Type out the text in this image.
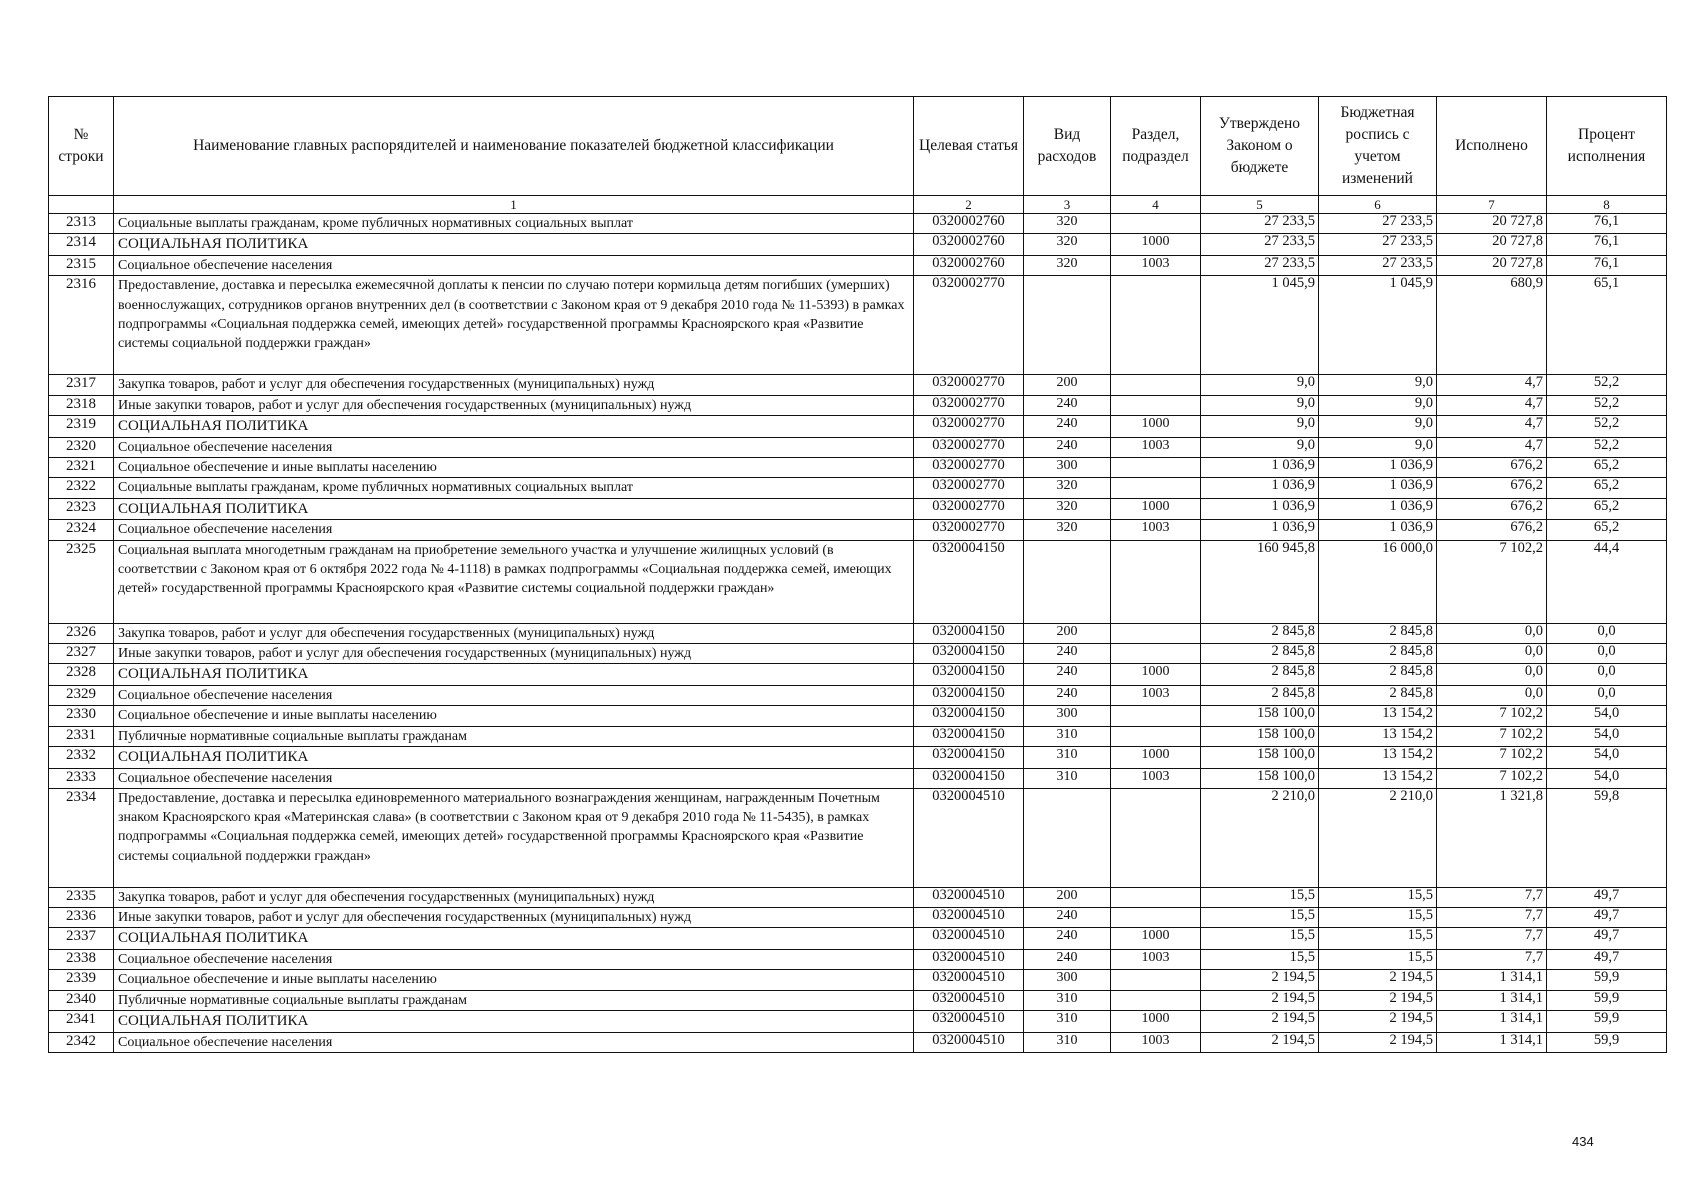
№ строки	Наименование главных распорядителей и наименование показателей бюджетной классификации	Целевая статья	Вид расходов	Раздел, подраздел	Утверждено Законом о бюджете	Бюджетная роспись с учетом изменений	Исполнено	Процент исполнения
	1	2	3	4	5	6	7	8
2313	Социальные выплаты гражданам, кроме публичных нормативных социальных выплат	0320002760	320		27 233,5	27 233,5	20 727,8	76,1
2314	СОЦИАЛЬНАЯ ПОЛИТИКА	0320002760	320	1000	27 233,5	27 233,5	20 727,8	76,1
2315	Социальное обеспечение населения	0320002760	320	1003	27 233,5	27 233,5	20 727,8	76,1
2316	Предоставление, доставка и пересылка ежемесячной доплаты к пенсии по случаю потери кормильца детям погибших (умерших) военнослужащих, сотрудников органов внутренних дел (в соответствии с Законом края от 9 декабря 2010 года № 11-5393) в рамках подпрограммы «Социальная поддержка семей, имеющих детей» государственной программы Красноярского края «Развитие системы социальной поддержки граждан»	0320002770			1 045,9	1 045,9	680,9	65,1
2317	Закупка товаров, работ и услуг для обеспечения государственных (муниципальных) нужд	0320002770	200		9,0	9,0	4,7	52,2
2318	Иные закупки товаров, работ и услуг для обеспечения государственных (муниципальных) нужд	0320002770	240		9,0	9,0	4,7	52,2
2319	СОЦИАЛЬНАЯ ПОЛИТИКА	0320002770	240	1000	9,0	9,0	4,7	52,2
2320	Социальное обеспечение населения	0320002770	240	1003	9,0	9,0	4,7	52,2
2321	Социальное обеспечение и иные выплаты населению	0320002770	300		1 036,9	1 036,9	676,2	65,2
2322	Социальные выплаты гражданам, кроме публичных нормативных социальных выплат	0320002770	320		1 036,9	1 036,9	676,2	65,2
2323	СОЦИАЛЬНАЯ ПОЛИТИКА	0320002770	320	1000	1 036,9	1 036,9	676,2	65,2
2324	Социальное обеспечение населения	0320002770	320	1003	1 036,9	1 036,9	676,2	65,2
2325	Социальная выплата многодетным гражданам на приобретение земельного участка и улучшение жилищных условий (в соответствии с Законом края от 6 октября 2022 года № 4-1118) в рамках подпрограммы «Социальная поддержка семей, имеющих детей» государственной программы Красноярского края «Развитие системы социальной поддержки граждан»	0320004150			160 945,8	16 000,0	7 102,2	44,4
2326	Закупка товаров, работ и услуг для обеспечения государственных (муниципальных) нужд	0320004150	200		2 845,8	2 845,8	0,0	0,0
2327	Иные закупки товаров, работ и услуг для обеспечения государственных (муниципальных) нужд	0320004150	240		2 845,8	2 845,8	0,0	0,0
2328	СОЦИАЛЬНАЯ ПОЛИТИКА	0320004150	240	1000	2 845,8	2 845,8	0,0	0,0
2329	Социальное обеспечение населения	0320004150	240	1003	2 845,8	2 845,8	0,0	0,0
2330	Социальное обеспечение и иные выплаты населению	0320004150	300		158 100,0	13 154,2	7 102,2	54,0
2331	Публичные нормативные социальные выплаты гражданам	0320004150	310		158 100,0	13 154,2	7 102,2	54,0
2332	СОЦИАЛЬНАЯ ПОЛИТИКА	0320004150	310	1000	158 100,0	13 154,2	7 102,2	54,0
2333	Социальное обеспечение населения	0320004150	310	1003	158 100,0	13 154,2	7 102,2	54,0
2334	Предоставление, доставка и пересылка единовременного материального вознаграждения женщинам, награжденным Почетным знаком Красноярского края «Материнская слава» (в соответствии с Законом края от 9 декабря 2010 года № 11-5435), в рамках подпрограммы «Социальная поддержка семей, имеющих детей» государственной программы Красноярского края «Развитие системы социальной поддержки граждан»	0320004510			2 210,0	2 210,0	1 321,8	59,8
2335	Закупка товаров, работ и услуг для обеспечения государственных (муниципальных) нужд	0320004510	200		15,5	15,5	7,7	49,7
2336	Иные закупки товаров, работ и услуг для обеспечения государственных (муниципальных) нужд	0320004510	240		15,5	15,5	7,7	49,7
2337	СОЦИАЛЬНАЯ ПОЛИТИКА	0320004510	240	1000	15,5	15,5	7,7	49,7
2338	Социальное обеспечение населения	0320004510	240	1003	15,5	15,5	7,7	49,7
2339	Социальное обеспечение и иные выплаты населению	0320004510	300		2 194,5	2 194,5	1 314,1	59,9
2340	Публичные нормативные социальные выплаты гражданам	0320004510	310		2 194,5	2 194,5	1 314,1	59,9
2341	СОЦИАЛЬНАЯ ПОЛИТИКА	0320004510	310	1000	2 194,5	2 194,5	1 314,1	59,9
2342	Социальное обеспечение населения	0320004510	310	1003	2 194,5	2 194,5	1 314,1	59,9
434
